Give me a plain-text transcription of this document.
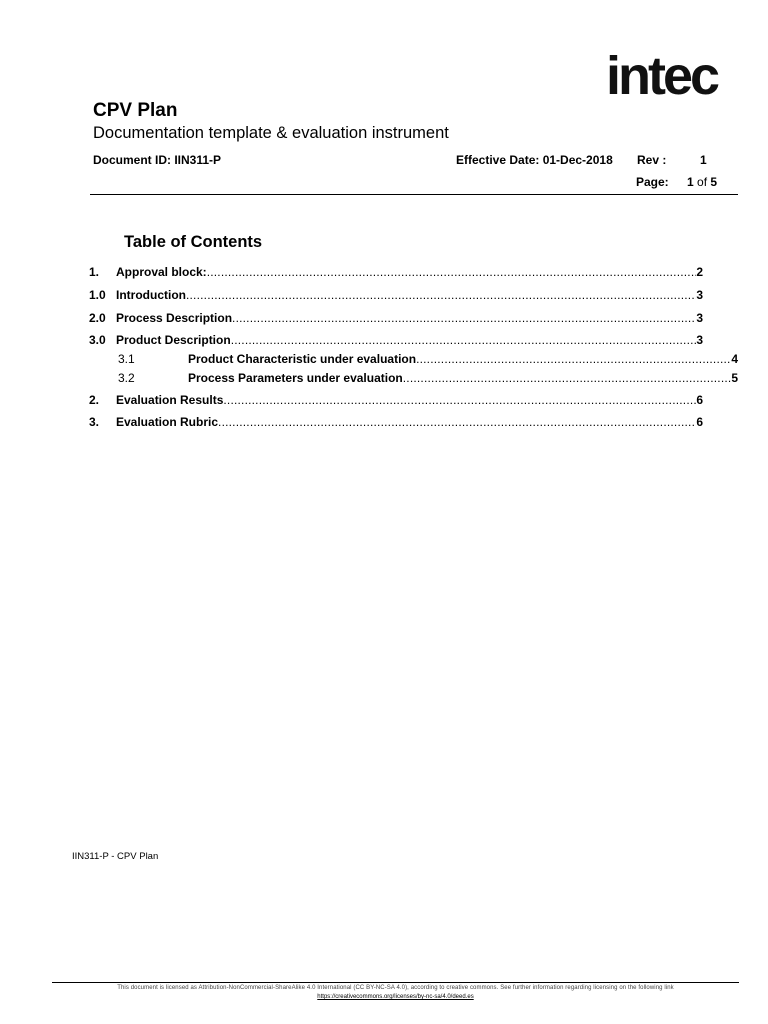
intec
CPV Plan
Documentation template & evaluation instrument
Document ID: IIN311-P	Effective Date: 01-Dec-2018 Rev :	1
Page: 1 of 5
Table of Contents
1.	Approval block: .....	2
1.0 Introduction .....	3
2.0 Process Description .....	3
3.0 Product Description .....	3
3.1	Product Characteristic under evaluation .....	4
3.2	Process Parameters under evaluation .....	5
2.	Evaluation Results .....	6
3.	Evaluation Rubric .....	6
IIN311-P - CPV Plan
This document is licensed as Attribution-NonCommercial-ShareAlike 4.0 International (CC BY-NC-SA 4.0), according to creative commons. See further information regarding licensing on the following link
https://creativecommons.org/licenses/by-nc-sa/4.0/deed.es
